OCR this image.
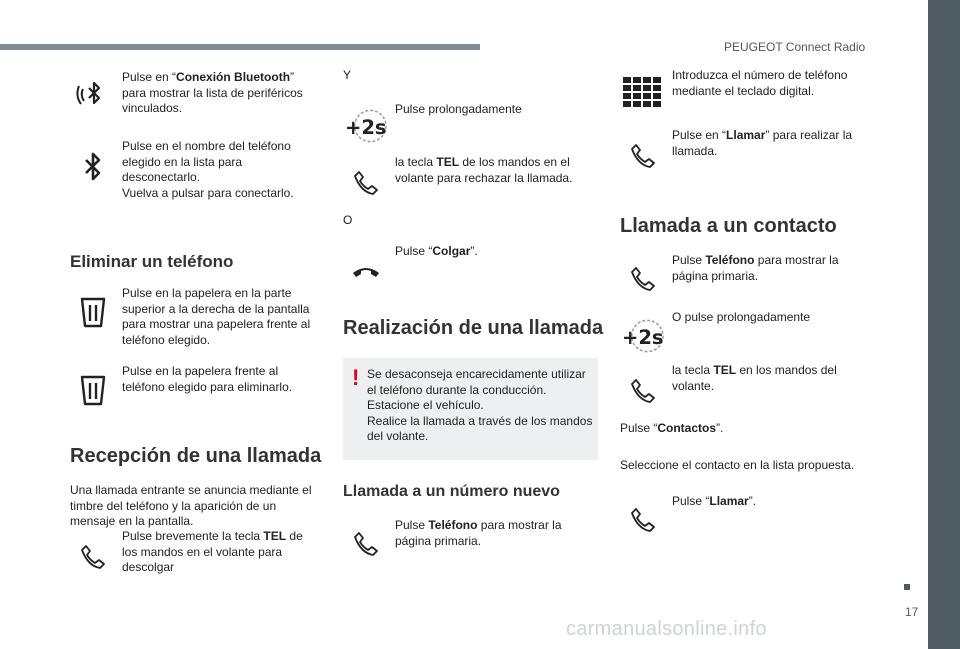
PEUGEOT Connect Radio
17
carmanualsonline.info
Pulse en “Conexión Bluetooth” para mostrar la lista de periféricos vinculados.
Pulse en el nombre del teléfono elegido en la lista para desconectarlo.
Vuelva a pulsar para conectarlo.
Eliminar un teléfono
Pulse en la papelera en la parte superior a la derecha de la pantalla para mostrar una papelera frente al teléfono elegido.
Pulse en la papelera frente al teléfono elegido para eliminarlo.
Recepción de una llamada
Una llamada entrante se anuncia mediante el timbre del teléfono y la aparición de un mensaje en la pantalla.
Pulse brevemente la tecla TEL de los mandos en el volante para descolgar
Y
+2s
Pulse prolongadamente
la tecla TEL de los mandos en el volante para rechazar la llamada.
O
Pulse “Colgar”.
Realización de una llamada
! Se desaconseja encarecidamente utilizar el teléfono durante la conducción.
Estacione el vehículo.
Realice la llamada a través de los mandos del volante.
Llamada a un número nuevo
Pulse Teléfono para mostrar la página primaria.
Introduzca el número de teléfono mediante el teclado digital.
Pulse en “Llamar” para realizar la llamada.
Llamada a un contacto
Pulse Teléfono para mostrar la página primaria.
+2s
O pulse prolongadamente
la tecla TEL en los mandos del volante.
Pulse “Contactos”.
Seleccione el contacto en la lista propuesta.
Pulse “Llamar”.
